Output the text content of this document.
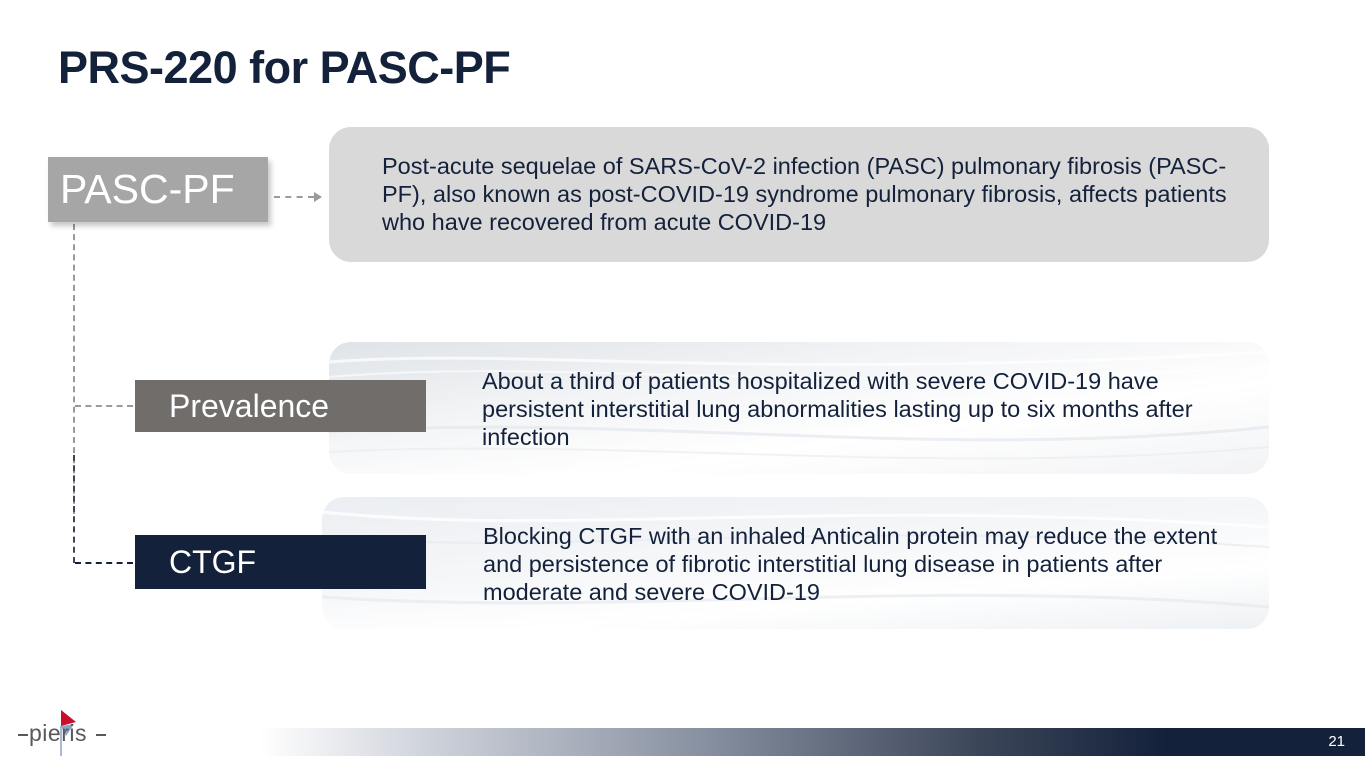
PRS-220 for PASC-PF

Post-acute sequelae of SARS-CoV-2 infection (PASC) pulmonary fibrosis (PASC-PF), also known as post-COVID-19 syndrome pulmonary fibrosis, affects patients who have recovered from acute COVID-19

About a third of patients hospitalized with severe COVID-19 have persistent interstitial lung abnormalities lasting up to six months after infection

Blocking CTGF with an inhaled Anticalin protein may reduce the extent and persistence of fibrotic interstitial lung disease in patients after moderate and severe COVID-19

PASC-PF
Prevalence
CTGF
21
pieris
